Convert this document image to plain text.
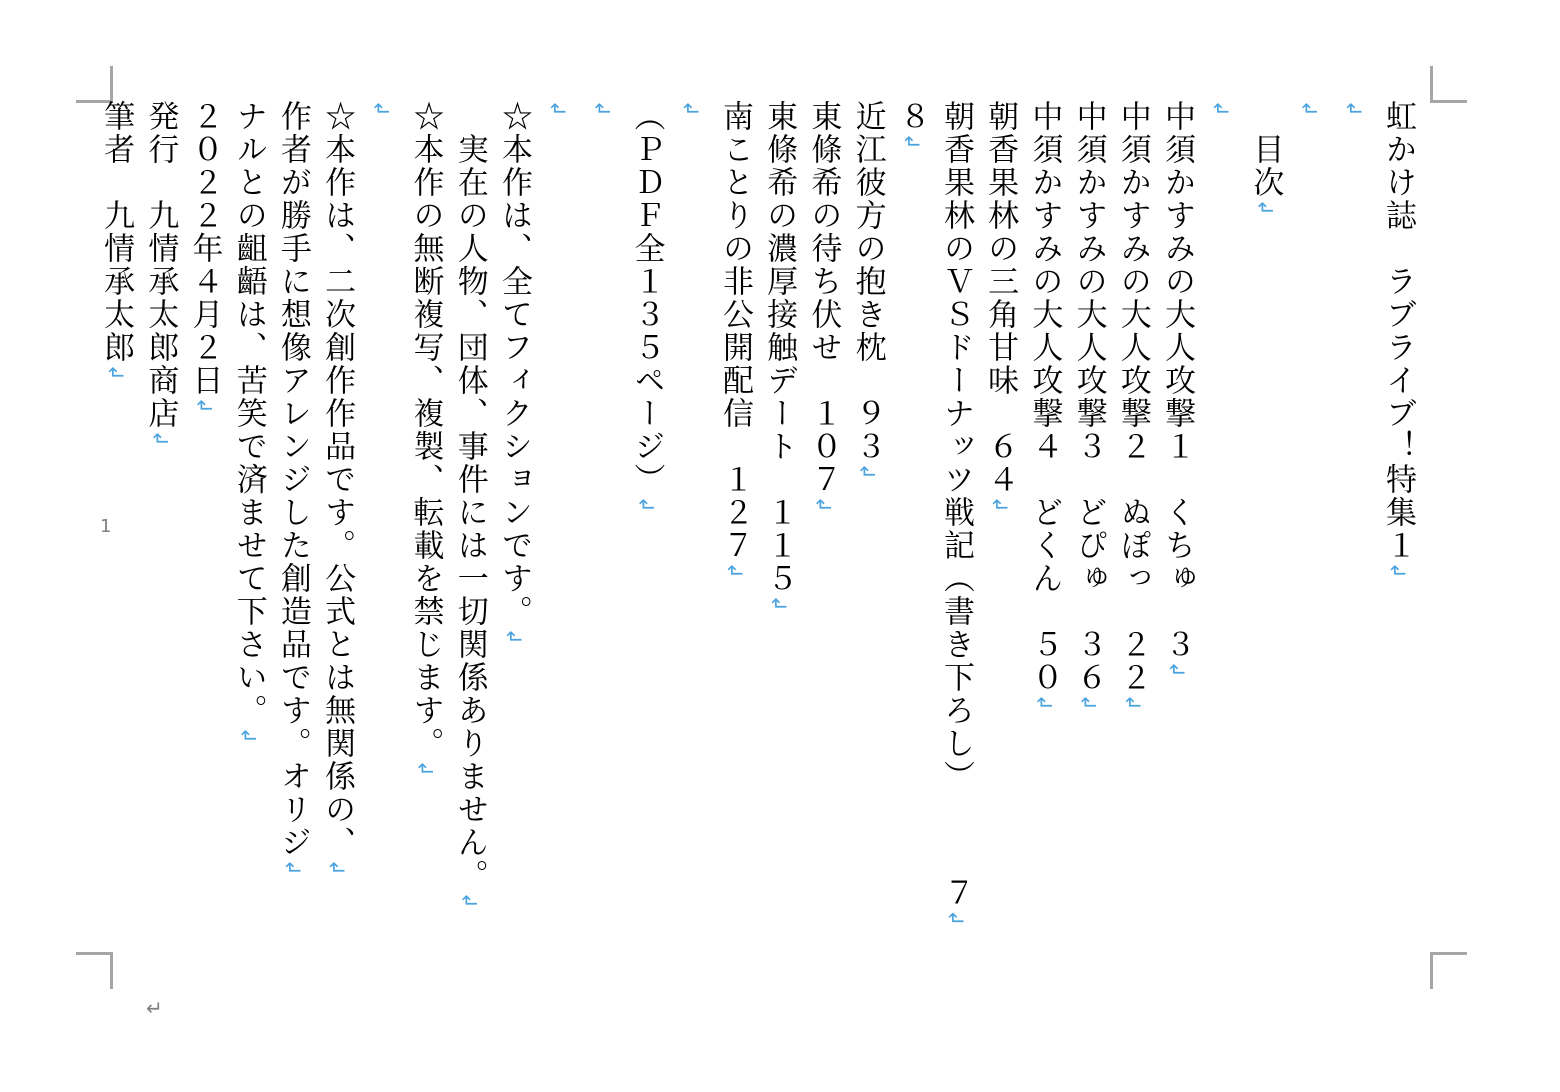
虹かけ誌　ラブライブ！特集１↲
↲
↲
　目次↲
↲
中須かすみの大人攻撃１　くちゅ　３↲
中須かすみの大人攻撃２　ぬぽっ　２２↲
中須かすみの大人攻撃３　どぴゅ　３６↲
中須かすみの大人攻撃４　どくん　５０↲
朝香果林の三角甘味　６４↲
朝香果林のＶＳドーナッツ戦記（書き下ろし）　　　７↲
８↲
近江彼方の抱き枕　９３↲
東條希の待ち伏せ　１０７↲
東條希の濃厚接触デート　１１５↲
南ことりの非公開配信　１２７↲
↲
（ＰＤＦ全１３５ページ）↲
↲
↲
☆本作は、全てフィクションです。↲
　実在の人物、団体、事件には一切関係ありません。↲
☆本作の無断複写、複製、転載を禁じます。↲
↲
☆本作は、二次創作作品です。公式とは無関係の、↲
作者が勝手に想像アレンジした創造品です。オリジ↲
ナルとの齟齬は、苦笑で済ませて下さい。↲
２０２２年４月２日↲
発行　九情承太郎商店↲
筆者　九情承太郎↲
1
↵
